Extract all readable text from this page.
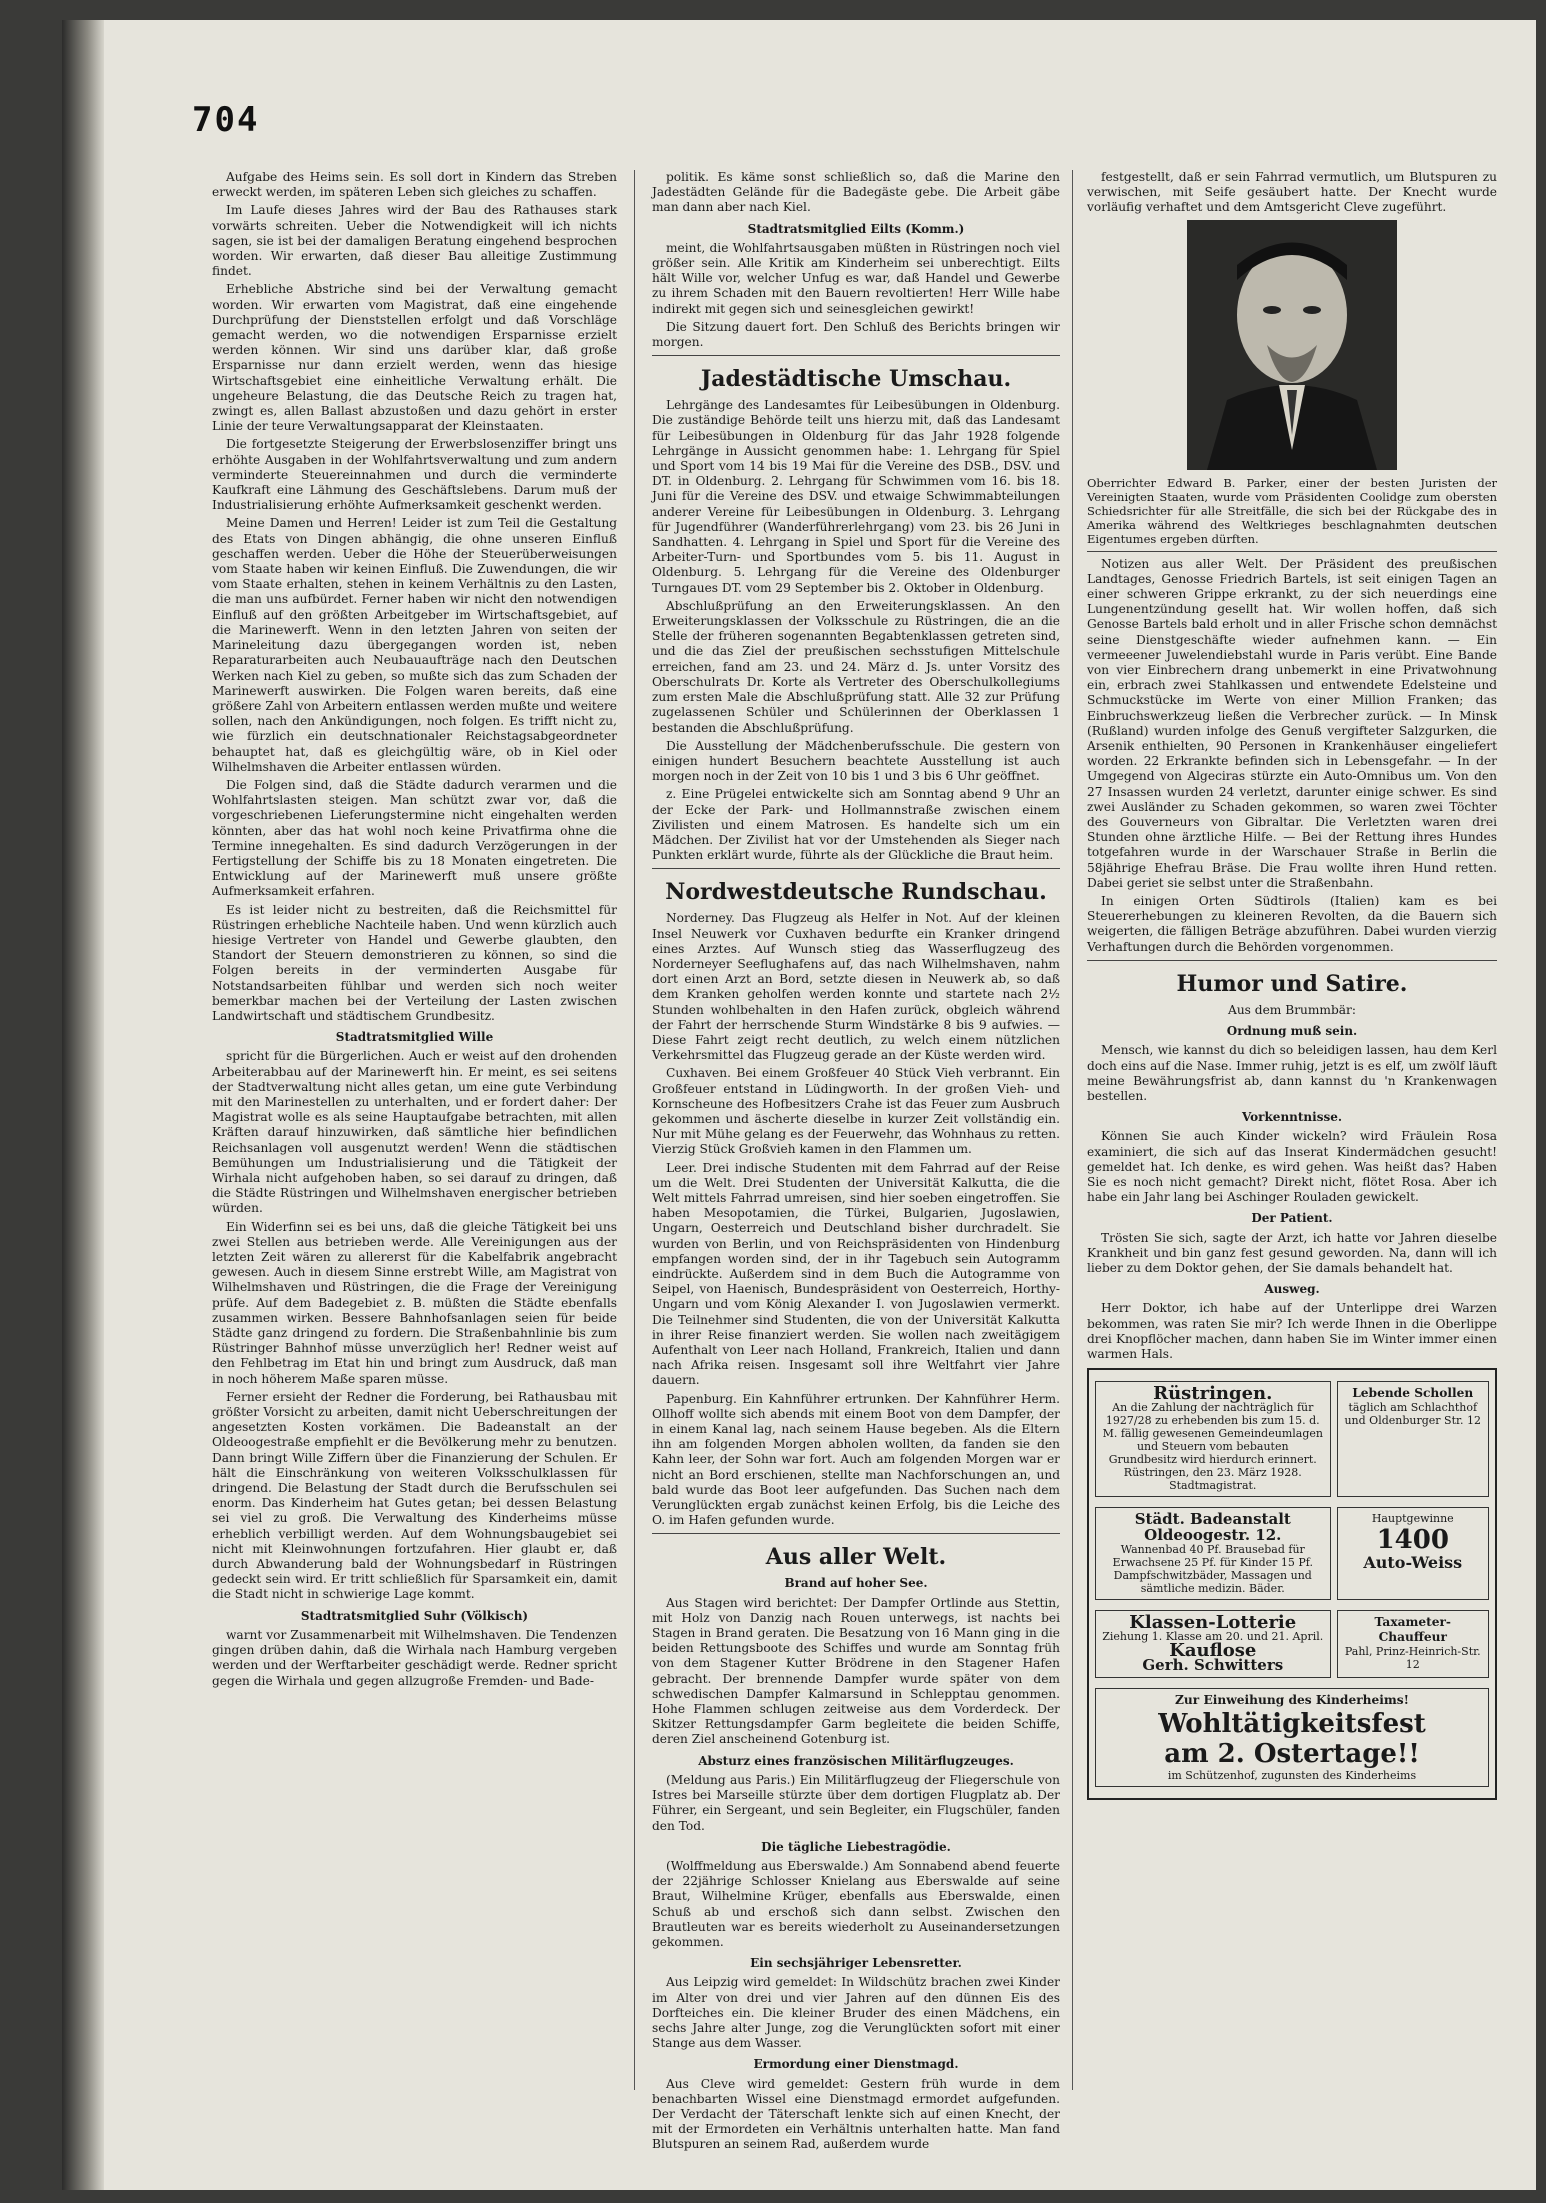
704

Aufgabe des Heims sein. Es soll dort in Kindern das Streben erweckt werden, im späteren Leben sich gleiches zu schaffen.

Im Laufe dieses Jahres wird der Bau des Rathauses stark vorwärts schreiten. Ueber die Notwendigkeit will ich nichts sagen, sie ist bei der damaligen Beratung eingehend besprochen worden. Wir erwarten, daß dieser Bau alleitige Zustimmung findet.

Erhebliche Abstriche sind bei der Verwaltung gemacht worden. Wir erwarten vom Magistrat, daß eine eingehende Durchprüfung der Dienststellen erfolgt und daß Vorschläge gemacht werden, wo die notwendigen Ersparnisse erzielt werden können. Wir sind uns darüber klar, daß große Ersparnisse nur dann erzielt werden, wenn das hiesige Wirtschaftsgebiet eine einheitliche Verwaltung erhält. Die ungeheure Belastung, die das Deutsche Reich zu tragen hat, zwingt es, allen Ballast abzustoßen und dazu gehört in erster Linie der teure Verwaltungsapparat der Kleinstaaten.

Die fortgesetzte Steigerung der Erwerbslosenziffer bringt uns erhöhte Ausgaben in der Wohlfahrtsverwaltung und zum andern verminderte Steuereinnahmen und durch die verminderte Kaufkraft eine Lähmung des Geschäftslebens. Darum muß der Industrialisierung erhöhte Aufmerksamkeit geschenkt werden.

Meine Damen und Herren! Leider ist zum Teil die Gestaltung des Etats von Dingen abhängig, die ohne unseren Einfluß geschaffen werden. Ueber die Höhe der Steuerüberweisungen vom Staate haben wir keinen Einfluß. Die Zuwendungen, die wir vom Staate erhalten, stehen in keinem Verhältnis zu den Lasten, die man uns aufbürdet. Ferner haben wir nicht den notwendigen Einfluß auf den größten Arbeitgeber im Wirtschaftsgebiet, auf die Marinewerft. Wenn in den letzten Jahren von seiten der Marineleitung dazu übergegangen worden ist, neben Reparaturarbeiten auch Neubauaufträge nach den Deutschen Werken nach Kiel zu geben, so mußte sich das zum Schaden der Marinewerft auswirken. Die Folgen waren bereits, daß eine größere Zahl von Arbeitern entlassen werden mußte und weitere sollen, nach den Ankündigungen, noch folgen. Es trifft nicht zu, wie fürzlich ein deutschnationaler Reichstagsabgeordneter behauptet hat, daß es gleichgültig wäre, ob in Kiel oder Wilhelmshaven die Arbeiter entlassen würden.

Die Folgen sind, daß die Städte dadurch verarmen und die Wohlfahrtslasten steigen. Man schützt zwar vor, daß die vorgeschriebenen Lieferungstermine nicht eingehalten werden könnten, aber das hat wohl noch keine Privatfirma ohne die Termine innegehalten. Es sind dadurch Verzögerungen in der Fertigstellung der Schiffe bis zu 18 Monaten eingetreten. Die Entwicklung auf der Marinewerft muß unsere größte Aufmerksamkeit erfahren.

Es ist leider nicht zu bestreiten, daß die Reichsmittel für Rüstringen erhebliche Nachteile haben. Und wenn kürzlich auch hiesige Vertreter von Handel und Gewerbe glaubten, den Standort der Steuern demonstrieren zu können, so sind die Folgen bereits in der verminderten Ausgabe für Notstandsarbeiten fühlbar und werden sich noch weiter bemerkbar machen bei der Verteilung der Lasten zwischen Landwirtschaft und städtischem Grundbesitz.

Stadtratsmitglied Wille

spricht für die Bürgerlichen. Auch er weist auf den drohenden Arbeiterabbau auf der Marinewerft hin. Er meint, es sei seitens der Stadtverwaltung nicht alles getan, um eine gute Verbindung mit den Marinestellen zu unterhalten, und er fordert daher: Der Magistrat wolle es als seine Hauptaufgabe betrachten, mit allen Kräften darauf hinzuwirken, daß sämtliche hier befindlichen Reichsanlagen voll ausgenutzt werden! Wenn die städtischen Bemühungen um Industrialisierung und die Tätigkeit der Wirhala nicht aufgehoben haben, so sei darauf zu dringen, daß die Städte Rüstringen und Wilhelmshaven energischer betrieben würden.

Ein Widerfinn sei es bei uns, daß die gleiche Tätigkeit bei uns zwei Stellen aus betrieben werde. Alle Vereinigungen aus der letzten Zeit wären zu allererst für die Kabelfabrik angebracht gewesen. Auch in diesem Sinne erstrebt Wille, am Magistrat von Wilhelmshaven und Rüstringen, die die Frage der Vereinigung prüfe. Auf dem Badegebiet z. B. müßten die Städte ebenfalls zusammen wirken. Bessere Bahnhofsanlagen seien für beide Städte ganz dringend zu fordern. Die Straßenbahnlinie bis zum Rüstringer Bahnhof müsse unverzüglich her! Redner weist auf den Fehlbetrag im Etat hin und bringt zum Ausdruck, daß man in noch höherem Maße sparen müsse.

Ferner ersieht der Redner die Forderung, bei Rathausbau mit größter Vorsicht zu arbeiten, damit nicht Ueberschreitungen der angesetzten Kosten vorkämen. Die Badeanstalt an der Oldeoogestraße empfiehlt er die Bevölkerung mehr zu benutzen. Dann bringt Wille Ziffern über die Finanzierung der Schulen. Er hält die Einschränkung von weiteren Volksschulklassen für dringend. Die Belastung der Stadt durch die Berufsschulen sei enorm. Das Kinderheim hat Gutes getan; bei dessen Belastung sei viel zu groß. Die Verwaltung des Kinderheims müsse erheblich verbilligt werden. Auf dem Wohnungsbaugebiet sei nicht mit Kleinwohnungen fortzufahren. Hier glaubt er, daß durch Abwanderung bald der Wohnungsbedarf in Rüstringen gedeckt sein wird. Er tritt schließlich für Sparsamkeit ein, damit die Stadt nicht in schwierige Lage kommt.

Stadtratsmitglied Suhr (Völkisch)

warnt vor Zusammenarbeit mit Wilhelmshaven. Die Tendenzen gingen drüben dahin, daß die Wirhala nach Hamburg vergeben werden und der Werftarbeiter geschädigt werde. Redner spricht gegen die Wirhala und gegen allzugroße Fremden- und Bade-

politik. Es käme sonst schließlich so, daß die Marine den Jadestädten Gelände für die Badegäste gebe. Die Arbeit gäbe man dann aber nach Kiel.

Stadtratsmitglied Eilts (Komm.)

meint, die Wohlfahrtsausgaben müßten in Rüstringen noch viel größer sein. Alle Kritik am Kinderheim sei unberechtigt. Eilts hält Wille vor, welcher Unfug es war, daß Handel und Gewerbe zu ihrem Schaden mit den Bauern revoltierten! Herr Wille habe indirekt mit gegen sich und seinesgleichen gewirkt!

Die Sitzung dauert fort. Den Schluß des Berichts bringen wir morgen.

Jadestädtische Umschau.

Lehrgänge des Landesamtes für Leibesübungen in Oldenburg. Die zuständige Behörde teilt uns hierzu mit, daß das Landesamt für Leibesübungen in Oldenburg für das Jahr 1928 folgende Lehrgänge in Aussicht genommen habe: 1. Lehrgang für Spiel und Sport vom 14 bis 19 Mai für die Vereine des DSB., DSV. und DT. in Oldenburg. 2. Lehrgang für Schwimmen vom 16. bis 18. Juni für die Vereine des DSV. und etwaige Schwimmabteilungen anderer Vereine für Leibesübungen in Oldenburg. 3. Lehrgang für Jugendführer (Wanderführerlehrgang) vom 23. bis 26 Juni in Sandhatten. 4. Lehrgang in Spiel und Sport für die Vereine des Arbeiter-Turn- und Sportbundes vom 5. bis 11. August in Oldenburg. 5. Lehrgang für die Vereine des Oldenburger Turngaues DT. vom 29 September bis 2. Oktober in Oldenburg.

Abschlußprüfung an den Erweiterungsklassen. An den Erweiterungsklassen der Volksschule zu Rüstringen, die an die Stelle der früheren sogenannten Begabtenklassen getreten sind, und die das Ziel der preußischen sechsstufigen Mittelschule erreichen, fand am 23. und 24. März d. Js. unter Vorsitz des Oberschulrats Dr. Korte als Vertreter des Oberschulkollegiums zum ersten Male die Abschlußprüfung statt. Alle 32 zur Prüfung zugelassenen Schüler und Schülerinnen der Oberklassen 1 bestanden die Abschlußprüfung.

Die Ausstellung der Mädchenberufsschule. Die gestern von einigen hundert Besuchern beachtete Ausstellung ist auch morgen noch in der Zeit von 10 bis 1 und 3 bis 6 Uhr geöffnet.

z. Eine Prügelei entwickelte sich am Sonntag abend 9 Uhr an der Ecke der Park- und Hollmannstraße zwischen einem Zivilisten und einem Matrosen. Es handelte sich um ein Mädchen. Der Zivilist hat vor der Umstehenden als Sieger nach Punkten erklärt wurde, führte als der Glückliche die Braut heim.

Nordwestdeutsche Rundschau.

Norderney. Das Flugzeug als Helfer in Not. Auf der kleinen Insel Neuwerk vor Cuxhaven bedurfte ein Kranker dringend eines Arztes. Auf Wunsch stieg das Wasserflugzeug des Norderneyer Seeflughafens auf, das nach Wilhelmshaven, nahm dort einen Arzt an Bord, setzte diesen in Neuwerk ab, so daß dem Kranken geholfen werden konnte und startete nach 2½ Stunden wohlbehalten in den Hafen zurück, obgleich während der Fahrt der herrschende Sturm Windstärke 8 bis 9 aufwies. — Diese Fahrt zeigt recht deutlich, zu welch einem nützlichen Verkehrsmittel das Flugzeug gerade an der Küste werden wird.

Cuxhaven. Bei einem Großfeuer 40 Stück Vieh verbrannt. Ein Großfeuer entstand in Lüdingworth. In der großen Vieh- und Kornscheune des Hofbesitzers Crahe ist das Feuer zum Ausbruch gekommen und äscherte dieselbe in kurzer Zeit vollständig ein. Nur mit Mühe gelang es der Feuerwehr, das Wohnhaus zu retten. Vierzig Stück Großvieh kamen in den Flammen um.

Leer. Drei indische Studenten mit dem Fahrrad auf der Reise um die Welt. Drei Studenten der Universität Kalkutta, die die Welt mittels Fahrrad umreisen, sind hier soeben eingetroffen. Sie haben Mesopotamien, die Türkei, Bulgarien, Jugoslawien, Ungarn, Oesterreich und Deutschland bisher durchradelt. Sie wurden von Berlin, und von Reichspräsidenten von Hindenburg empfangen worden sind, der in ihr Tagebuch sein Autogramm eindrückte. Außerdem sind in dem Buch die Autogramme von Seipel, von Haenisch, Bundespräsident von Oesterreich, Horthy-Ungarn und vom König Alexander I. von Jugoslawien vermerkt. Die Teilnehmer sind Studenten, die von der Universität Kalkutta in ihrer Reise finanziert werden. Sie wollen nach zweitägigem Aufenthalt von Leer nach Holland, Frankreich, Italien und dann nach Afrika reisen. Insgesamt soll ihre Weltfahrt vier Jahre dauern.

Papenburg. Ein Kahnführer ertrunken. Der Kahnführer Herm. Ollhoff wollte sich abends mit einem Boot von dem Dampfer, der in einem Kanal lag, nach seinem Hause begeben. Als die Eltern ihn am folgenden Morgen abholen wollten, da fanden sie den Kahn leer, der Sohn war fort. Auch am folgenden Morgen war er nicht an Bord erschienen, stellte man Nachforschungen an, und bald wurde das Boot leer aufgefunden. Das Suchen nach dem Verunglückten ergab zunächst keinen Erfolg, bis die Leiche des O. im Hafen gefunden wurde.

Aus aller Welt.
Brand auf hoher See.

Aus Stagen wird berichtet: Der Dampfer Ortlinde aus Stettin, mit Holz von Danzig nach Rouen unterwegs, ist nachts bei Stagen in Brand geraten. Die Besatzung von 16 Mann ging in die beiden Rettungsboote des Schiffes und wurde am Sonntag früh von dem Stagener Kutter Brödrene in den Stagener Hafen gebracht. Der brennende Dampfer wurde später von dem schwedischen Dampfer Kalmarsund in Schlepptau genommen. Hohe Flammen schlugen zeitweise aus dem Vorderdeck. Der Skitzer Rettungsdampfer Garm begleitete die beiden Schiffe, deren Ziel anscheinend Gotenburg ist.

Absturz eines französischen Militärflugzeuges.

(Meldung aus Paris.) Ein Militärflugzeug der Fliegerschule von Istres bei Marseille stürzte über dem dortigen Flugplatz ab. Der Führer, ein Sergeant, und sein Begleiter, ein Flugschüler, fanden den Tod.

Die tägliche Liebestragödie.

(Wolffmeldung aus Eberswalde.) Am Sonnabend abend feuerte der 22jährige Schlosser Knielang aus Eberswalde auf seine Braut, Wilhelmine Krüger, ebenfalls aus Eberswalde, einen Schuß ab und erschoß sich dann selbst. Zwischen den Brautleuten war es bereits wiederholt zu Auseinandersetzungen gekommen.

Ein sechsjähriger Lebensretter.

Aus Leipzig wird gemeldet: In Wildschütz brachen zwei Kinder im Alter von drei und vier Jahren auf den dünnen Eis des Dorfteiches ein. Die kleiner Bruder des einen Mädchens, ein sechs Jahre alter Junge, zog die Verunglückten sofort mit einer Stange aus dem Wasser.

Ermordung einer Dienstmagd.

Aus Cleve wird gemeldet: Gestern früh wurde in dem benachbarten Wissel eine Dienstmagd ermordet aufgefunden. Der Verdacht der Täterschaft lenkte sich auf einen Knecht, der mit der Ermordeten ein Verhältnis unterhalten hatte. Man fand Blutspuren an seinem Rad, außerdem wurde

festgestellt, daß er sein Fahrrad vermutlich, um Blutspuren zu verwischen, mit Seife gesäubert hatte. Der Knecht wurde vorläufig verhaftet und dem Amtsgericht Cleve zugeführt.

Oberrichter Edward B. Parker, einer der besten Juristen der Vereinigten Staaten, wurde vom Präsidenten Coolidge zum obersten Schiedsrichter für alle Streitfälle, die sich bei der Rückgabe des in Amerika während des Weltkrieges beschlagnahmten deutschen Eigentumes ergeben dürften.

Notizen aus aller Welt. Der Präsident des preußischen Landtages, Genosse Friedrich Bartels, ist seit einigen Tagen an einer schweren Grippe erkrankt, zu der sich neuerdings eine Lungenentzündung gesellt hat. Wir wollen hoffen, daß sich Genosse Bartels bald erholt und in aller Frische schon demnächst seine Dienstgeschäfte wieder aufnehmen kann. — Ein vermeeener Juwelendiebstahl wurde in Paris verübt. Eine Bande von vier Einbrechern drang unbemerkt in eine Privatwohnung ein, erbrach zwei Stahlkassen und entwendete Edelsteine und Schmuckstücke im Werte von einer Million Franken; das Einbruchswerkzeug ließen die Verbrecher zurück. — In Minsk (Rußland) wurden infolge des Genuß vergifteter Salzgurken, die Arsenik enthielten, 90 Personen in Krankenhäuser eingeliefert worden. 22 Erkrankte befinden sich in Lebensgefahr. — In der Umgegend von Algeciras stürzte ein Auto-Omnibus um. Von den 27 Insassen wurden 24 verletzt, darunter einige schwer. Es sind zwei Ausländer zu Schaden gekommen, so waren zwei Töchter des Gouverneurs von Gibraltar. Die Verletzten waren drei Stunden ohne ärztliche Hilfe. — Bei der Rettung ihres Hundes totgefahren wurde in der Warschauer Straße in Berlin die 58jährige Ehefrau Bräse. Die Frau wollte ihren Hund retten. Dabei geriet sie selbst unter die Straßenbahn.

In einigen Orten Südtirols (Italien) kam es bei Steuererhebungen zu kleineren Revolten, da die Bauern sich weigerten, die fälligen Beträge abzuführen. Dabei wurden vierzig Verhaftungen durch die Behörden vorgenommen.

Humor und Satire.

Aus dem Brummbär:

Ordnung muß sein.

Mensch, wie kannst du dich so beleidigen lassen, hau dem Kerl doch eins auf die Nase. Immer ruhig, jetzt is es elf, um zwölf läuft meine Bewährungsfrist ab, dann kannst du 'n Krankenwagen bestellen.

Vorkenntnisse.

Können Sie auch Kinder wickeln? wird Fräulein Rosa examiniert, die sich auf das Inserat Kindermädchen gesucht! gemeldet hat. Ich denke, es wird gehen. Was heißt das? Haben Sie es noch nicht gemacht? Direkt nicht, flötet Rosa. Aber ich habe ein Jahr lang bei Aschinger Rouladen gewickelt.

Der Patient.

Trösten Sie sich, sagte der Arzt, ich hatte vor Jahren dieselbe Krankheit und bin ganz fest gesund geworden. Na, dann will ich lieber zu dem Doktor gehen, der Sie damals behandelt hat.

Ausweg.

Herr Doktor, ich habe auf der Unterlippe drei Warzen bekommen, was raten Sie mir? Ich werde Ihnen in die Oberlippe drei Knopflöcher machen, dann haben Sie im Winter immer einen warmen Hals.

Rüstringen.
An die Zahlung der nachträglich für 1927/28 zu erhebenden bis zum 15. d. M. fällig gewesenen Gemeindeumlagen und Steuern vom bebauten Grundbesitz wird hierdurch erinnert.
Rüstringen, den 23. März 1928.
Stadtmagistrat.
Lebende Schollen
täglich am Schlachthof und Oldenburger Str. 12
Städt. Badeanstalt Oldeoogestr. 12.
Wannenbad 40 Pf. Brausebad für Erwachsene 25 Pf. für Kinder 15 Pf. Dampfschwitzbäder, Massagen und sämtliche medizin. Bäder.
Hauptgewinne
1400
Auto-Weiss
Klassen-Lotterie
Ziehung 1. Klasse am 20. und 21. April.
Kauflose
Gerh. Schwitters
Taxameter-Chauffeur
Pahl, Prinz-Heinrich-Str. 12
Zur Einweihung des Kinderheims!
Wohltätigkeitsfest
am 2. Ostertage!!
im Schützenhof, zugunsten des Kinderheims
